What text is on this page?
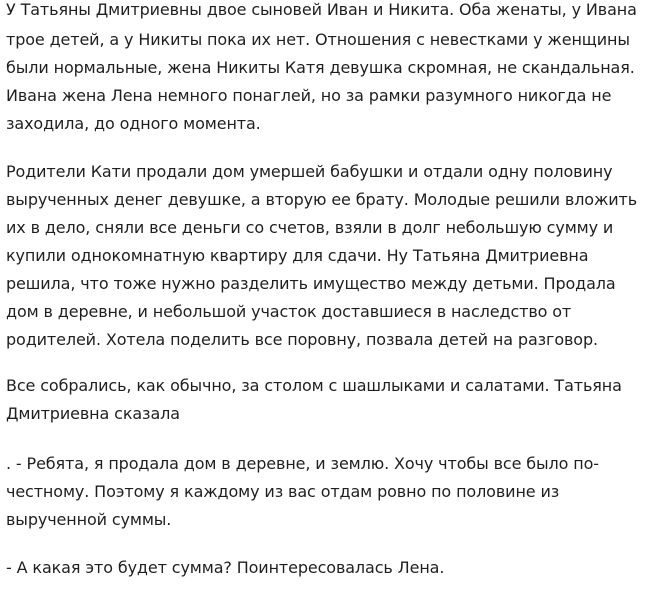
У Татьяны Дмитриевны двое сыновей Иван и Никита. Оба женаты, у Ивана
трое детей, а у Никиты пока их нет. Отношения с невестками у женщины
были нормальные, жена Никиты Катя девушка скромная, не скандальная.
Ивана жена Лена немного понаглей, но за рамки разумного никогда не
заходила, до одного момента.
Родители Кати продали дом умершей бабушки и отдали одну половину
вырученных денег девушке, а вторую ее брату. Молодые решили вложить
их в дело, сняли все деньги со счетов, взяли в долг небольшую сумму и
купили однокомнатную квартиру для сдачи. Ну Татьяна Дмитриевна
решила, что тоже нужно разделить имущество между детьми. Продала
дом в деревне, и небольшой участок доставшиеся в наследство от
родителей. Хотела поделить все поровну, позвала детей на разговор.
Все собрались, как обычно, за столом с шашлыками и салатами. Татьяна
Дмитриевна сказала
. - Ребята, я продала дом в деревне, и землю. Хочу чтобы все было по-
честному. Поэтому я каждому из вас отдам ровно по половине из
вырученной суммы.
- А какая это будет сумма? Поинтересовалась Лена.
